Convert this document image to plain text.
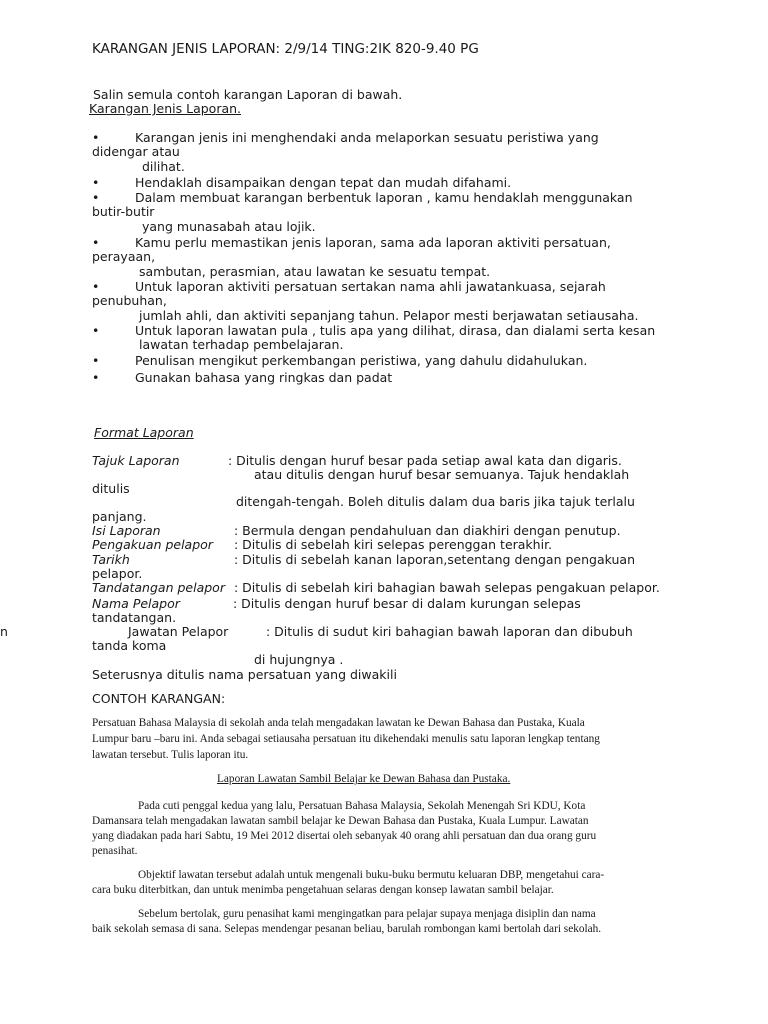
KARANGAN JENIS LAPORAN: 2/9/14 TING:2IK 820-9.40 PG
Salin semula contoh karangan Laporan di bawah.
Karangan Jenis Laporan.
•	Karangan jenis ini menghendaki anda melaporkan sesuatu peristiwa yang
didengar atau
dilihat.
•	Hendaklah disampaikan dengan tepat dan mudah difahami.
•	Dalam membuat karangan berbentuk laporan , kamu hendaklah menggunakan
butir-butir
yang munasabah atau lojik.
•	Kamu perlu memastikan jenis laporan, sama ada laporan aktiviti persatuan,
perayaan,
sambutan, perasmian, atau lawatan ke sesuatu tempat.
•	Untuk laporan aktiviti persatuan sertakan nama ahli jawatankuasa, sejarah
penubuhan,
jumlah ahli, dan aktiviti sepanjang tahun. Pelapor mesti berjawatan setiausaha.
•	Untuk laporan lawatan pula , tulis apa yang dilihat, dirasa, dan dialami serta kesan
lawatan terhadap pembelajaran.
•	Penulisan mengikut perkembangan peristiwa, yang dahulu didahulukan.
•	Gunakan bahasa yang ringkas dan padat
Format Laporan
Tajuk Laporan	: Ditulis dengan huruf besar pada setiap awal kata dan digaris.
atau ditulis dengan huruf besar semuanya. Tajuk hendaklah
ditulis
ditengah-tengah. Boleh ditulis dalam dua baris jika tajuk terlalu
panjang.
Isi Laporan	: Bermula dengan pendahuluan dan diakhiri dengan penutup.
Pengakuan pelapor : Ditulis di sebelah kiri selepas perenggan terakhir.
Tarikh	: Ditulis di sebelah kanan laporan,setentang dengan pengakuan
pelapor.
Tandatangan pelapor : Ditulis di sebelah kiri bahagian bawah selepas pengakuan pelapor.
Nama Pelapor	: Ditulis dengan huruf besar di dalam kurungan selepas
tandatangan.
n	Jawatan Pelapor	: Ditulis di sudut kiri bahagian bawah laporan dan dibubuh
tanda koma
di hujungnya .
Seterusnya ditulis nama persatuan yang diwakili
CONTOH KARANGAN:
Persatuan Bahasa Malaysia di sekolah anda telah mengadakan lawatan ke Dewan Bahasa dan Pustaka, Kuala
Lumpur baru –baru ini. Anda sebagai setiausaha persatuan itu dikehendaki menulis satu laporan lengkap tentang
lawatan tersebut. Tulis laporan itu.
Laporan Lawatan Sambil Belajar ke Dewan Bahasa dan Pustaka.
Pada cuti penggal kedua yang lalu, Persatuan Bahasa Malaysia, Sekolah Menengah Sri KDU, Kota
Damansara telah mengadakan lawatan sambil belajar ke Dewan Bahasa dan Pustaka, Kuala Lumpur. Lawatan
yang diadakan pada hari Sabtu, 19 Mei 2012 disertai oleh sebanyak 40 orang ahli persatuan dan dua orang guru
penasihat.
Objektif lawatan tersebut adalah untuk mengenali buku-buku bermutu keluaran DBP, mengetahui cara-
cara buku diterbitkan, dan untuk menimba pengetahuan selaras dengan konsep lawatan sambil belajar.
Sebelum bertolak, guru penasihat kami mengingatkan para pelajar supaya menjaga disiplin dan nama
baik sekolah semasa di sana. Selepas mendengar pesanan beliau, barulah rombongan kami bertolah dari sekolah.
